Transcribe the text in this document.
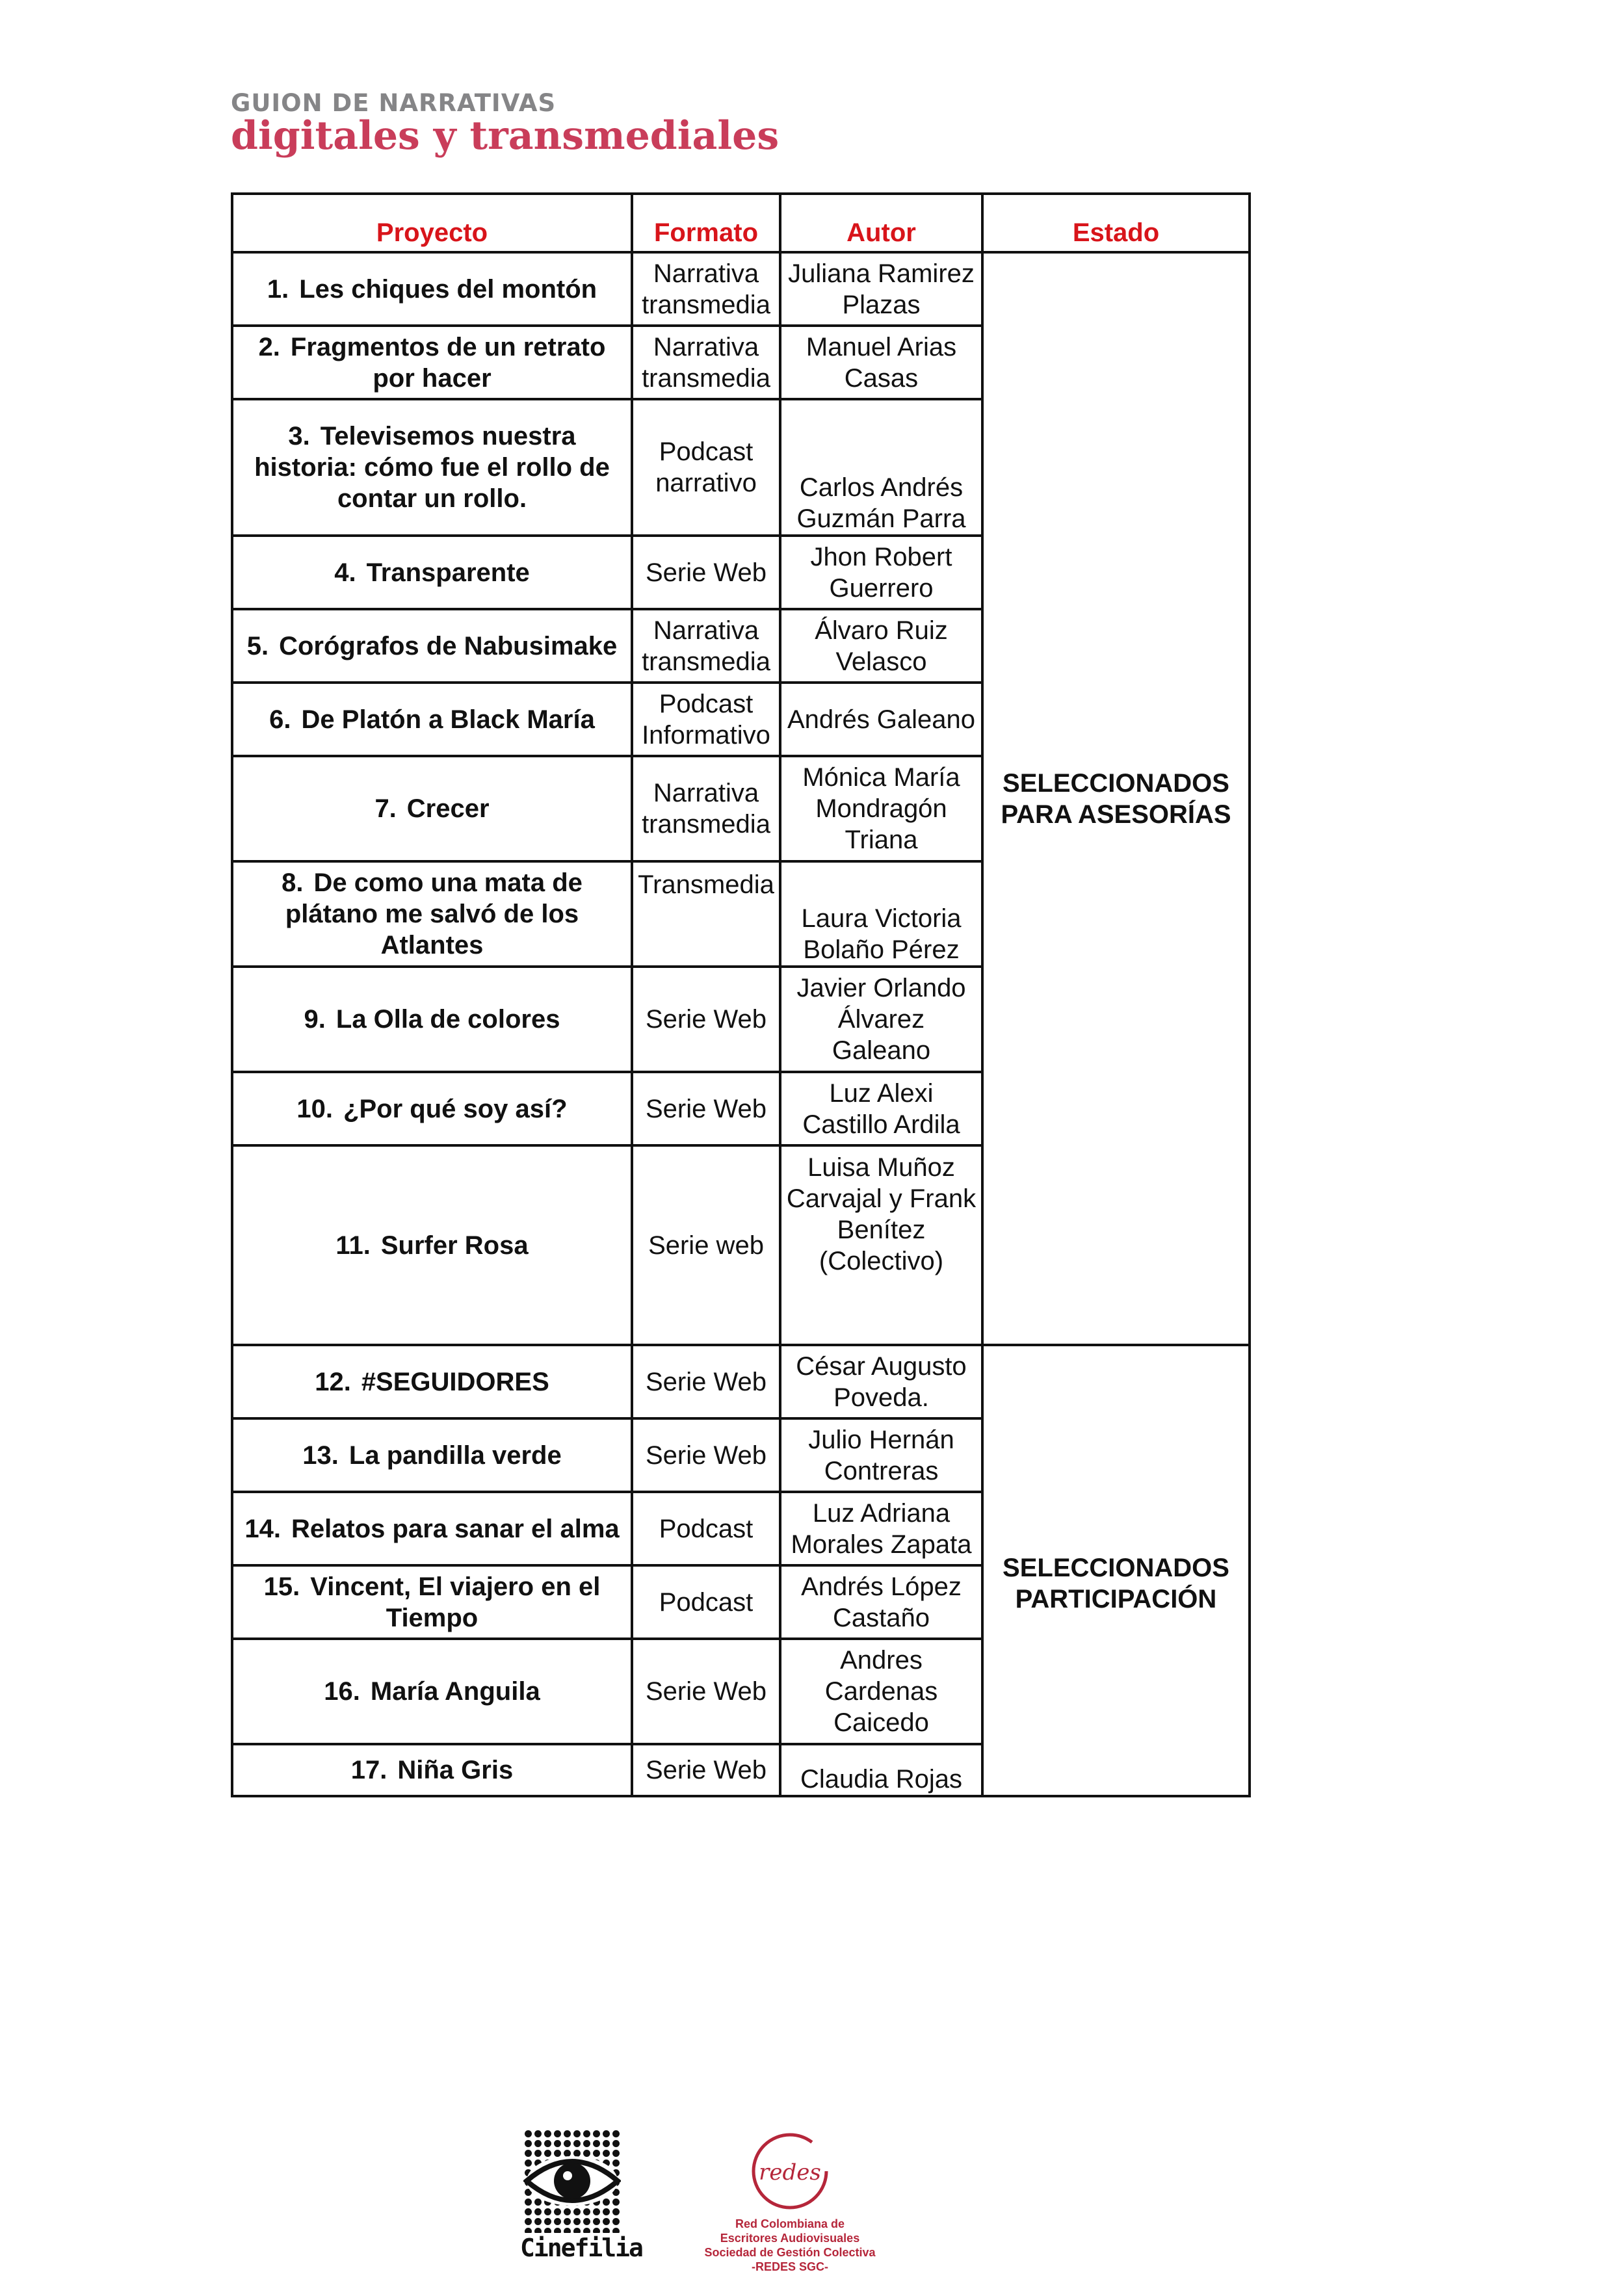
GUION DE NARRATIVAS
digitales y transmediales
Proyecto	Formato	Autor	Estado
1. Les chiques del montón	Narrativa transmedia	Juliana Ramirez Plazas	SELECCIONADOS PARA ASESORÍAS

2. Fragmentos de un retrato por hacer	Narrativa transmedia	Manuel Arias Casas	
3. Televisemos nuestra historia: cómo fue el rollo de contar un rollo.	Podcast narrativo	Carlos Andrés Guzmán Parra	
4. Transparente	Serie Web	Jhon Robert Guerrero	
5. Corógrafos de Nabusimake	Narrativa transmedia	Álvaro Ruiz Velasco	
6. De Platón a Black María	Podcast Informativo	Andrés Galeano	
7. Crecer	Narrativa transmedia	Mónica María Mondragón Triana	
8. De como una mata de plátano me salvó de los Atlantes	Transmedia	Laura Victoria Bolaño Pérez	
9. La Olla de colores	Serie Web	Javier Orlando Álvarez Galeano	
10. ¿Por qué soy así?	Serie Web	Luz Alexi Castillo Ardila	
11. Surfer Rosa	Serie web	Luisa Muñoz Carvajal y Frank Benítez (Colectivo)	
12. #SEGUIDORES	Serie Web	César Augusto Poveda.	SELECCIONADOS PARTICIPACIÓN

13. La pandilla verde	Serie Web	Julio Hernán Contreras	
14. Relatos para sanar el alma	Podcast	Luz Adriana Morales Zapata	
15. Vincent, El viajero en el Tiempo	Podcast	Andrés López Castaño	
16. María Anguila	Serie Web	Andres Cardenas Caicedo	
17. Niña Gris	Serie Web	Claudia Rojas	
Cinefilia
redes
Red Colombiana de
Escritores Audiovisuales
Sociedad de Gestión Colectiva
-REDES SGC-
